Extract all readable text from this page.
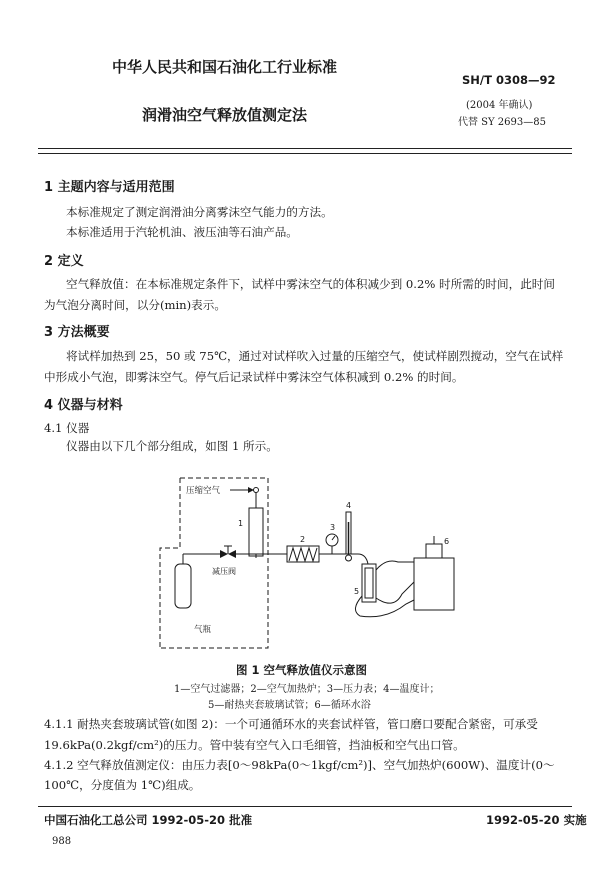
中华人民共和国石油化工行业标准
SH/T 0308—92
(2004 年确认)
润滑油空气释放值测定法	代替 SY 2693—85
1 主题内容与适用范围
本标准规定了测定润滑油分离雾沫空气能力的方法。
本标准适用于汽轮机油、液压油等石油产品。
2 定义
空气释放值：在本标准规定条件下，试样中雾沫空气的体积减少到 0.2% 时所需的时间，此时间
为气泡分离时间，以分(min)表示。
3 方法概要
将试样加热到 25，50 或 75℃，通过对试样吹入过量的压缩空气，使试样剧烈搅动，空气在试样
中形成小气泡，即雾沫空气。停气后记录试样中雾沫空气体积减到 0.2% 的时间。
4 仪器与材料
4.1 仪器
仪器由以下几个部分组成，如图 1 所示。
压缩空气
1
减压阀
气瓶
2
3
4
5
6
图 1 空气释放值仪示意图
1—空气过滤器；2—空气加热炉；3—压力表；4—温度计；
5—耐热夹套玻璃试管；6—循环水浴
4.1.1 耐热夹套玻璃试管(如图 2)：一个可通循环水的夹套试样管，管口磨口要配合紧密，可承受
19.6kPa(0.2kgf/cm²)的压力。管中装有空气入口毛细管，挡油板和空气出口管。
4.1.2 空气释放值测定仪：由压力表[0～98kPa(0～1kgf/cm²)]、空气加热炉(600W)、温度计(0～
100℃，分度值为 1℃)组成。
中国石油化工总公司 1992-05-20 批准	1992-05-20 实施
988
